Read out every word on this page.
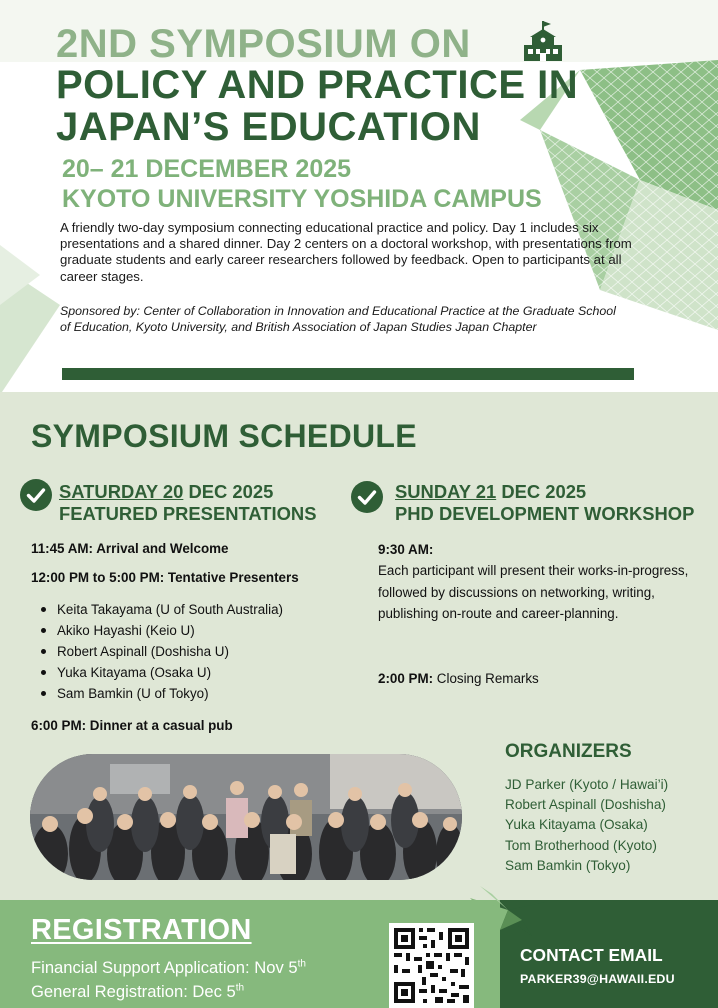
2ND SYMPOSIUM ON
POLICY AND PRACTICE IN
JAPAN’S EDUCATION
20– 21 DECEMBER 2025
KYOTO UNIVERSITY YOSHIDA CAMPUS

A friendly two-day symposium connecting educational practice and policy. Day 1 includes six presentations and a shared dinner. Day 2 centers on a doctoral workshop, with presentations from graduate students and early career researchers followed by feedback. Open to participants at all career stages.

Sponsored by: Center of Collaboration in Innovation and Educational Practice at the Graduate School of Education, Kyoto University, and British Association of Japan Studies Japan Chapter

SYMPOSIUM SCHEDULE
SATURDAY 20 DEC 2025
FEATURED PRESENTATIONS
11:45 AM: Arrival and Welcome
12:00 PM to 5:00 PM: Tentative Presenters
Keita Takayama (U of South Australia)
Akiko Hayashi (Keio U)
Robert Aspinall (Doshisha U)
Yuka Kitayama (Osaka U)
Sam Bamkin (U of Tokyo)
6:00 PM: Dinner at a casual pub
SUNDAY 21 DEC 2025
PHD DEVELOPMENT WORKSHOP
9:30 AM:

Each participant will present their works-in-progress, followed by discussions on networking, writing, publishing on-route and career-planning.

2:00 PM: Closing Remarks
ORGANIZERS
JD Parker (Kyoto / Hawai’i)
Robert Aspinall (Doshisha)
Yuka Kitayama (Osaka)
Tom Brotherhood (Kyoto)
Sam Bamkin (Tokyo)
REGISTRATION
Financial Support Application: Nov 5th
General Registration: Dec 5th
CONTACT EMAIL
PARKER39@HAWAII.EDU
